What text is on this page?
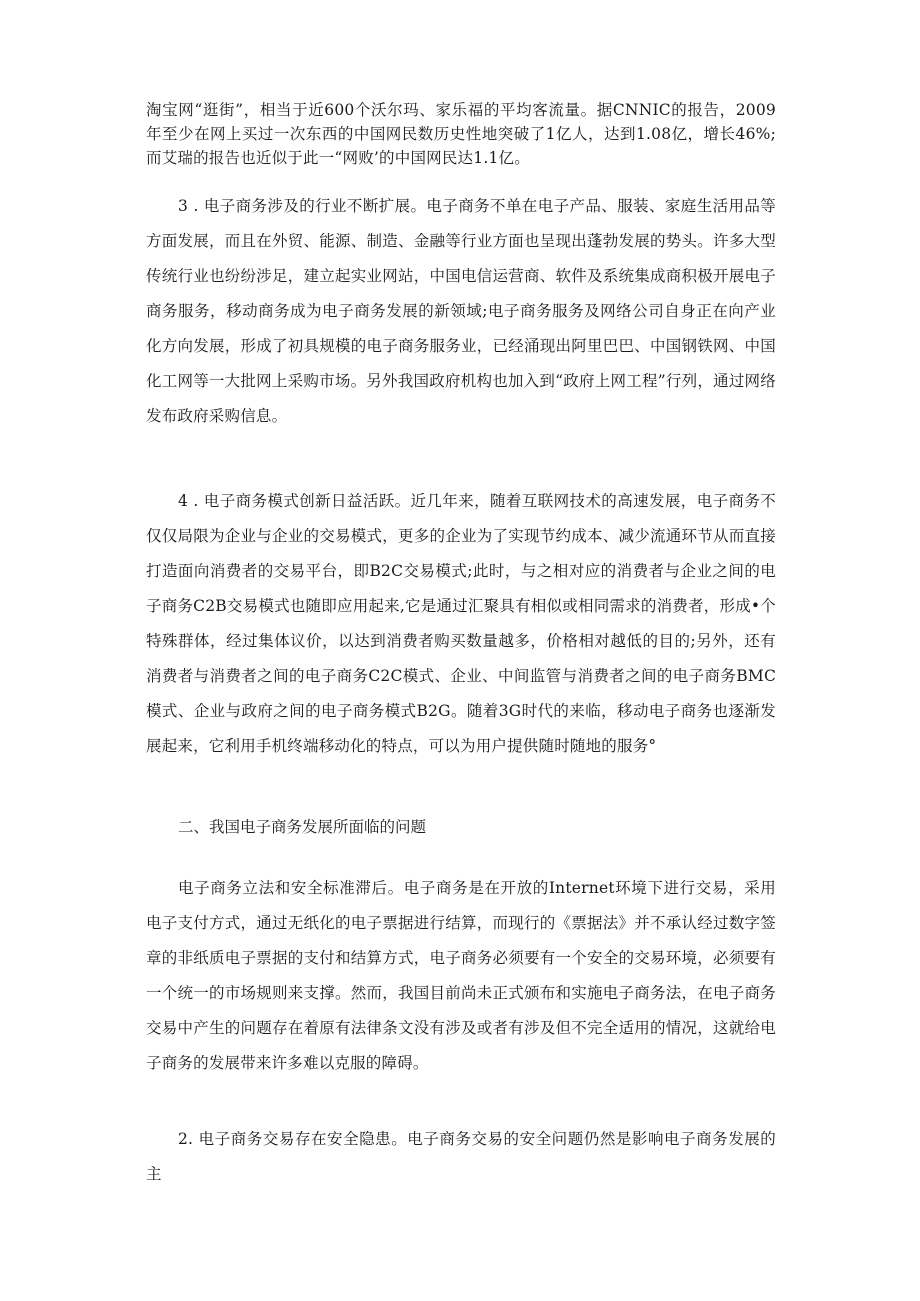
淘宝网“逛街”，相当于近600个沃尔玛、家乐福的平均客流量。据CNNIC的报告，2009年至少在网上买过一次东西的中国网民数历史性地突破了1亿人，达到1.08亿，增长46%;而艾瑞的报告也近似于此一“网败’的中国网民达1.1亿。

3 . 电子商务涉及的行业不断扩展。电子商务不单在电子产品、服装、家庭生活用品等方面发展，而且在外贸、能源、制造、金融等行业方面也呈现出蓬勃发展的势头。许多大型传统行业也纷纷涉足，建立起实业网站，中国电信运营商、软件及系统集成商积极开展电子商务服务，移动商务成为电子商务发展的新领域;电子商务服务及网络公司自身正在向产业化方向发展，形成了初具规模的电子商务服务业，已经涌现出阿里巴巴、中国钢铁网、中国化工网等一大批网上采购市场。另外我国政府机构也加入到“政府上网工程”行列，通过网络发布政府采购信息。

4 . 电子商务模式创新日益活跃。近几年来，随着互联网技术的高速发展，电子商务不仅仅局限为企业与企业的交易模式，更多的企业为了实现节约成本、减少流通环节从而直接打造面向消费者的交易平台，即B2C交易模式;此时，与之相对应的消费者与企业之间的电子商务C2B交易模式也随即应用起来,它是通过汇聚具有相似或相同需求的消费者，形成•个特殊群体，经过集体议价，以达到消费者购买数量越多，价格相对越低的目的;另外，还有消费者与消费者之间的电子商务C2C模式、企业、中间监管与消费者之间的电子商务BMC模式、企业与政府之间的电子商务模式B2G。随着3G时代的来临，移动电子商务也逐渐发展起来，它利用手机终端移动化的特点，可以为用户提供随时随地的服务°

二、我国电子商务发展所面临的问题

电子商务立法和安全标准滞后。电子商务是在开放的Internet环境下进行交易，采用电子支付方式，通过无纸化的电子票据进行结算，而现行的《票据法》并不承认经过数字签章的非纸质电子票据的支付和结算方式，电子商务必须要有一个安全的交易环境，必须要有一个统一的市场规则来支撑。然而，我国目前尚未正式颁布和实施电子商务法，在电子商务交易中产生的问题存在着原有法律条文没有涉及或者有涉及但不完全适用的情况，这就给电子商务的发展带来许多难以克服的障碍。

2. 电子商务交易存在安全隐患。电子商务交易的安全问题仍然是影响电子商务发展的主
